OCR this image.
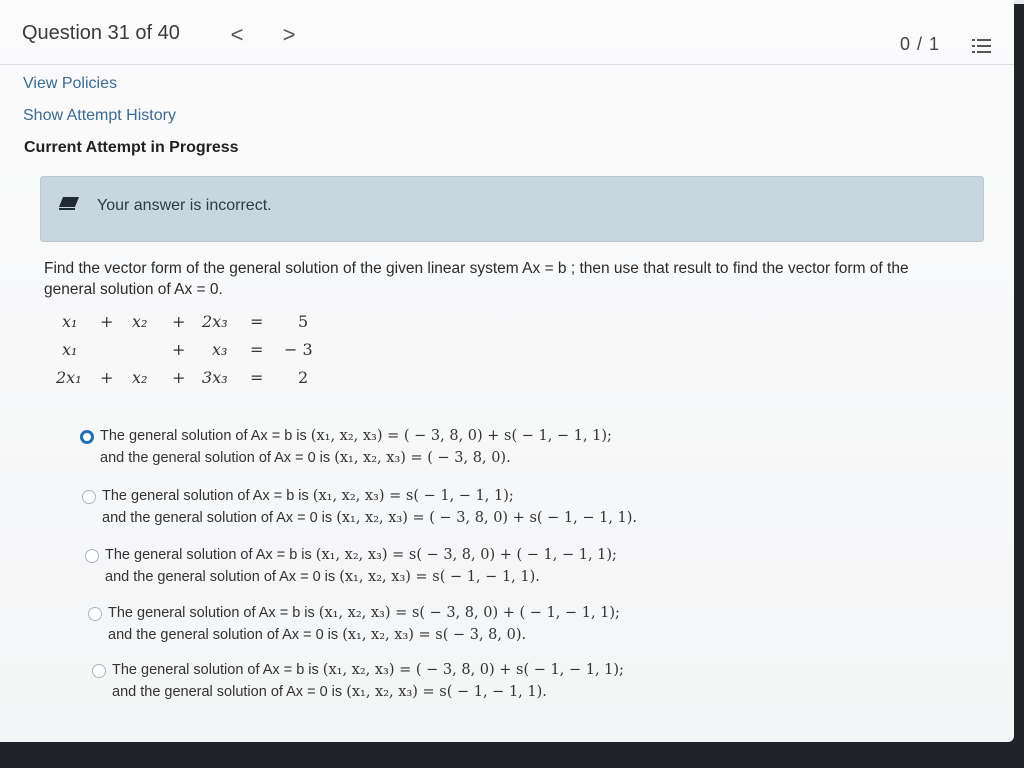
Question 31 of 40 < >	0 / 1
View Policies
Show Attempt History
Current Attempt in Progress
Your answer is incorrect.
Find the vector form of the general solution of the given linear system Ax = b ; then use that result to find the vector form of the
general solution of Ax = 0.
x₁ + x₂ + 2x₃ = 5
x₁	+ x₃ = − 3
2x₁ + x₂ + 3x₃ = 2
The general solution of Ax = b is (x₁, x₂, x₃) = ( − 3, 8, 0) + s( − 1, − 1, 1);
and the general solution of Ax = 0 is (x₁, x₂, x₃) = ( − 3, 8, 0).
The general solution of Ax = b is (x₁, x₂, x₃) = s( − 1, − 1, 1);
and the general solution of Ax = 0 is (x₁, x₂, x₃) = ( − 3, 8, 0) + s( − 1, − 1, 1).
The general solution of Ax = b is (x₁, x₂, x₃) = s( − 3, 8, 0) + ( − 1, − 1, 1);
and the general solution of Ax = 0 is (x₁, x₂, x₃) = s( − 1, − 1, 1).
The general solution of Ax = b is (x₁, x₂, x₃) = s( − 3, 8, 0) + ( − 1, − 1, 1);
and the general solution of Ax = 0 is (x₁, x₂, x₃) = s( − 3, 8, 0).
The general solution of Ax = b is (x₁, x₂, x₃) = ( − 3, 8, 0) + s( − 1, − 1, 1);
and the general solution of Ax = 0 is (x₁, x₂, x₃) = s( − 1, − 1, 1).
